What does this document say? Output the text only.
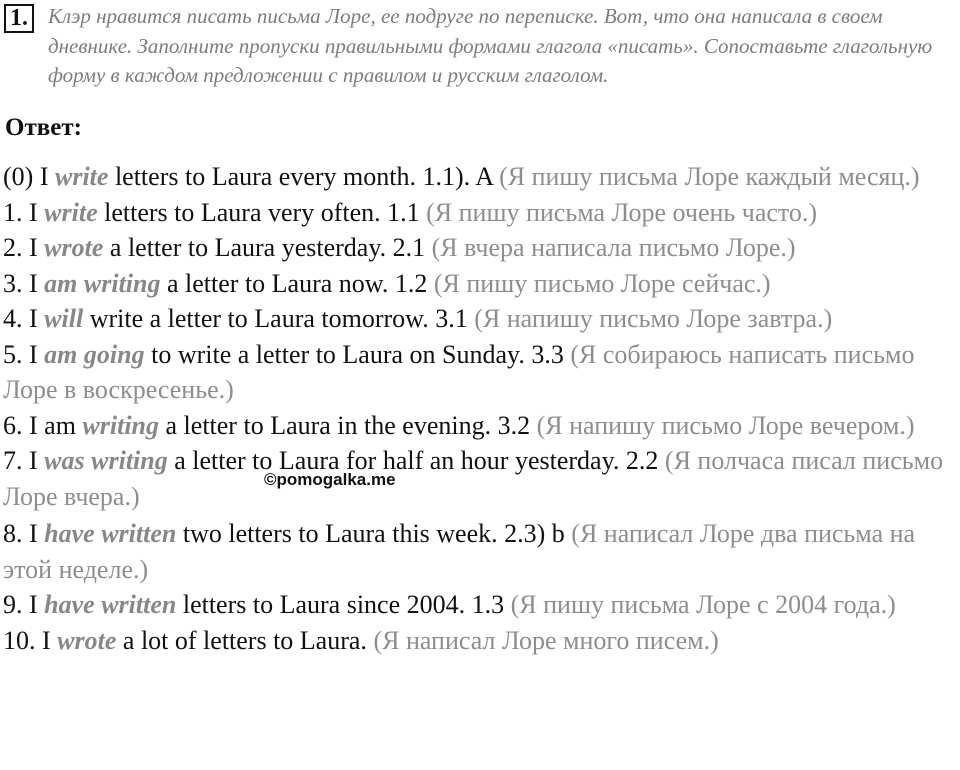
1. Клэр нравится писать письма Лоре, ее подруге по переписке. Вот, что она написала в своем дневнике. Заполните пропуски правильными формами глагола «писать». Сопоставьте глагольную форму в каждом предложении с правилом и русским глаголом.

Ответ:

(0) I write letters to Laura every month. 1.1). A (Я пишу письма Лоре каждый месяц.)

1. I write letters to Laura very often. 1.1 (Я пишу письма Лоре очень часто.)

2. I wrote a letter to Laura yesterday. 2.1 (Я вчера написала письмо Лоре.)

3. I am writing a letter to Laura now. 1.2 (Я пишу письмо Лоре сейчас.)

4. I will write a letter to Laura tomorrow. 3.1 (Я напишу письмо Лоре завтра.)

5. I am going to write a letter to Laura on Sunday. 3.3 (Я собираюсь написать письмо Лоре в воскресенье.)

6. I am writing a letter to Laura in the evening. 3.2 (Я напишу письмо Лоре вечером.)

7. I was writing a letter to Laura for half an hour yesterday. 2.2 (Я полчаса писал письмо Лоре вчера.)

8. I have written two letters to Laura this week. 2.3) b (Я написал Лоре два письма на этой неделе.)

9. I have written letters to Laura since 2004. 1.3 (Я пишу письма Лоре с 2004 года.)

10. I wrote a lot of letters to Laura. (Я написал Лоре много писем.)

©pomogalka.me
